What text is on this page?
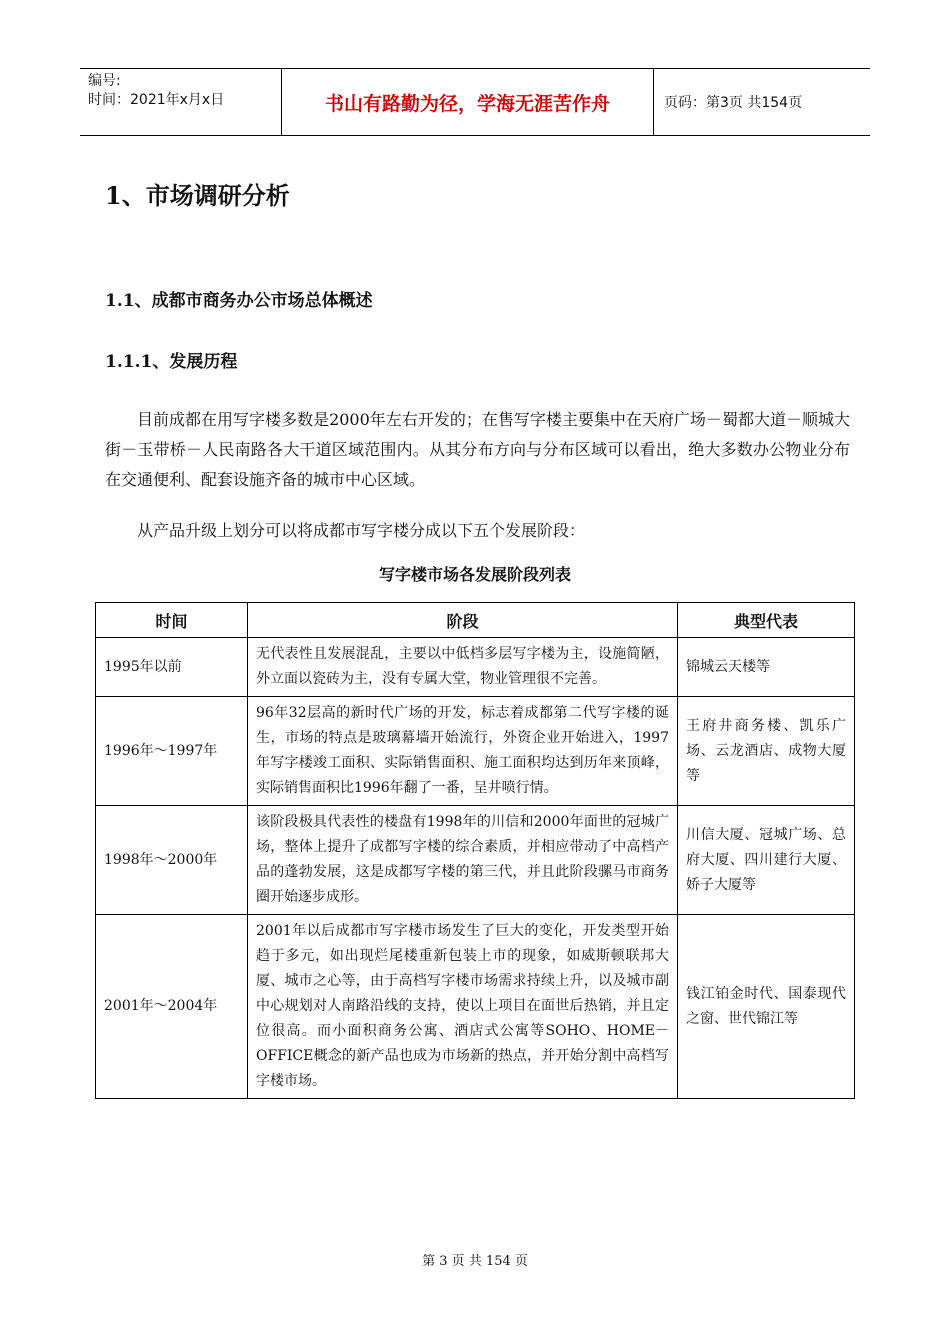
编号:
时间：2021年x月x日	书山有路勤为径，学海无涯苦作舟	页码：第3页 共154页
1、市场调研分析
1.1、成都市商务办公市场总体概述
1.1.1、发展历程
目前成都在用写字楼多数是2000年左右开发的；在售写字楼主要集中在天府广场－蜀都大道－顺城大街－玉带桥－人民南路各大干道区域范围内。从其分布方向与分布区域可以看出，绝大多数办公物业分布在交通便利、配套设施齐备的城市中心区域。
从产品升级上划分可以将成都市写字楼分成以下五个发展阶段：
写字楼市场各发展阶段列表
时间	阶段	典型代表
1995年以前	无代表性且发展混乱，主要以中低档多层写字楼为主，设施简陋，外立面以瓷砖为主，没有专属大堂，物业管理很不完善。	锦城云天楼等
1996年～1997年	96年32层高的新时代广场的开发，标志着成都第二代写字楼的诞生，市场的特点是玻璃幕墙开始流行，外资企业开始进入，1997年写字楼竣工面积、实际销售面积、施工面积均达到历年来顶峰，实际销售面积比1996年翻了一番，呈井喷行情。	王府井商务楼、凯乐广场、云龙酒店、成物大厦等
1998年～2000年	该阶段极具代表性的楼盘有1998年的川信和2000年面世的冠城广场，整体上提升了成都写字楼的综合素质，并相应带动了中高档产品的蓬勃发展，这是成都写字楼的第三代，并且此阶段骡马市商务圈开始逐步成形。	川信大厦、冠城广场、总府大厦、四川建行大厦、娇子大厦等
2001年～2004年	2001年以后成都市写字楼市场发生了巨大的变化，开发类型开始趋于多元，如出现烂尾楼重新包装上市的现象，如威斯顿联邦大厦、城市之心等，由于高档写字楼市场需求持续上升，以及城市副中心规划对人南路沿线的支持，使以上项目在面世后热销，并且定位很高。而小面积商务公寓、酒店式公寓等SOHO、HOME－OFFICE概念的新产品也成为市场新的热点，并开始分割中高档写字楼市场。	钱江铂金时代、国泰现代之窗、世代锦江等
第 3 页 共 154 页
